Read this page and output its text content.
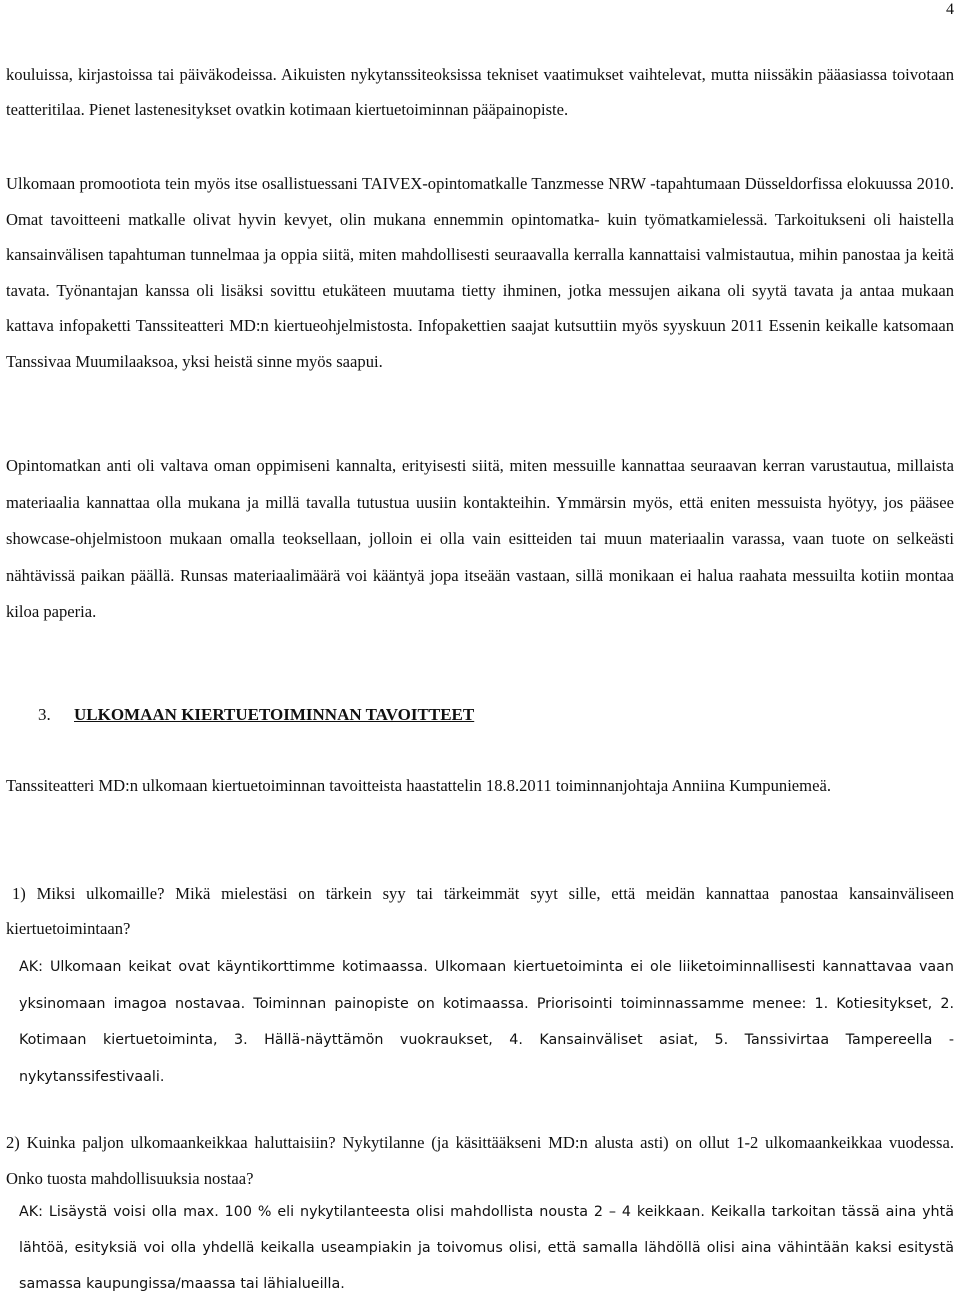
4

kouluissa, kirjastoissa tai päiväkodeissa. Aikuisten nykytanssiteoksissa tekniset vaatimukset vaihtelevat, mutta niissäkin pääasiassa toivotaan teatteritilaa. Pienet lastenesitykset ovatkin kotimaan kiertuetoiminnan pääpainopiste.

Ulkomaan promootiota tein myös itse osallistuessani TAIVEX-opintomatkalle Tanzmesse NRW -tapahtumaan Düsseldorfissa elokuussa 2010. Omat tavoitteeni matkalle olivat hyvin kevyet, olin mukana ennemmin opintomatka- kuin työmatkamielessä. Tarkoitukseni oli haistella kansainvälisen tapahtuman tunnelmaa ja oppia siitä, miten mahdollisesti seuraavalla kerralla kannattaisi valmistautua, mihin panostaa ja keitä tavata. Työnantajan kanssa oli lisäksi sovittu etukäteen muutama tietty ihminen, jotka messujen aikana oli syytä tavata ja antaa mukaan kattava infopaketti Tanssiteatteri MD:n kiertueohjelmistosta. Infopakettien saajat kutsuttiin myös syyskuun 2011 Essenin keikalle katsomaan Tanssivaa Muumilaaksoa, yksi heistä sinne myös saapui.

Opintomatkan anti oli valtava oman oppimiseni kannalta, erityisesti siitä, miten messuille kannattaa seuraavan kerran varustautua, millaista materiaalia kannattaa olla mukana ja millä tavalla tutustua uusiin kontakteihin. Ymmärsin myös, että eniten messuista hyötyy, jos pääsee showcase-ohjelmistoon mukaan omalla teoksellaan, jolloin ei olla vain esitteiden tai muun materiaalin varassa, vaan tuote on selkeästi nähtävissä paikan päällä. Runsas materiaalimäärä voi kääntyä jopa itseään vastaan, sillä monikaan ei halua raahata messuilta kotiin montaa kiloa paperia.

3. ULKOMAAN KIERTUETOIMINNAN TAVOITTEET

Tanssiteatteri MD:n ulkomaan kiertuetoiminnan tavoitteista haastattelin 18.8.2011 toiminnanjohtaja Anniina Kumpuniemeä.

1) Miksi ulkomaille? Mikä mielestäsi on tärkein syy tai tärkeimmät syyt sille, että meidän kannattaa panostaa kansainväliseen kiertuetoimintaan?

AK: Ulkomaan keikat ovat käyntikorttimme kotimaassa. Ulkomaan kiertuetoiminta ei ole liiketoiminnallisesti kannattavaa vaan yksinomaan imagoa nostavaa. Toiminnan painopiste on kotimaassa. Priorisointi toiminnassamme menee: 1. Kotiesitykset, 2. Kotimaan kiertuetoiminta, 3. Hällä-näyttämön vuokraukset, 4. Kansainväliset asiat, 5. Tanssivirtaa Tampereella -nykytanssifestivaali.

2) Kuinka paljon ulkomaankeikkaa haluttaisiin? Nykytilanne (ja käsittääkseni MD:n alusta asti) on ollut 1-2 ulkomaankeikkaa vuodessa. Onko tuosta mahdollisuuksia nostaa?

AK: Lisäystä voisi olla max. 100 % eli nykytilanteesta olisi mahdollista nousta 2 – 4 keikkaan. Keikalla tarkoitan tässä aina yhtä lähtöä, esityksiä voi olla yhdellä keikalla useampiakin ja toivomus olisi, että samalla lähdöllä olisi aina vähintään kaksi esitystä samassa kaupungissa/maassa tai lähialueilla.
